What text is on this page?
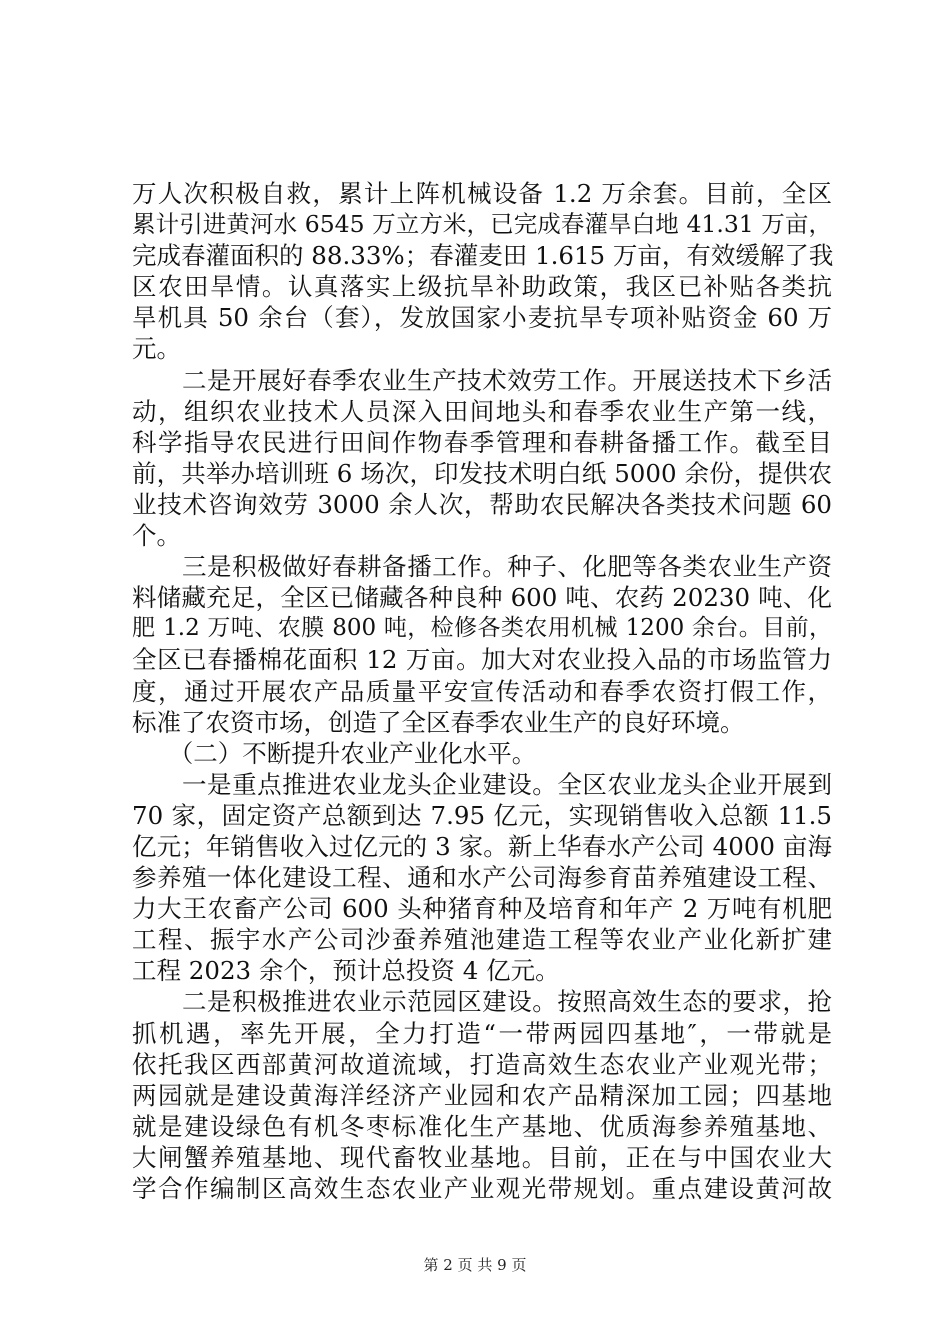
万人次积极自救，累计上阵机械设备 1.2 万余套。目前，全区
累计引进黄河水 6545 万立方米，已完成春灌旱白地 41.31 万亩，
完成春灌面积的 88.33%；春灌麦田 1.615 万亩，有效缓解了我
区农田旱情。认真落实上级抗旱补助政策，我区已补贴各类抗
旱机具 50 余台（套），发放国家小麦抗旱专项补贴资金 60 万
元。
　　二是开展好春季农业生产技术效劳工作。开展送技术下乡活
动，组织农业技术人员深入田间地头和春季农业生产第一线，
科学指导农民进行田间作物春季管理和春耕备播工作。截至目
前，共举办培训班 6 场次，印发技术明白纸 5000 余份，提供农
业技术咨询效劳 3000 余人次，帮助农民解决各类技术问题 60
个。
　　三是积极做好春耕备播工作。种子、化肥等各类农业生产资
料储藏充足，全区已储藏各种良种 600 吨、农药 20230 吨、化
肥 1.2 万吨、农膜 800 吨，检修各类农用机械 1200 余台。目前，
全区已春播棉花面积 12 万亩。加大对农业投入品的市场监管力
度，通过开展农产品质量平安宣传活动和春季农资打假工作，
标准了农资市场，创造了全区春季农业生产的良好环境。
　　（二）不断提升农业产业化水平。
　　一是重点推进农业龙头企业建设。全区农业龙头企业开展到
70 家，固定资产总额到达 7.95 亿元，实现销售收入总额 11.5
亿元；年销售收入过亿元的 3 家。新上华春水产公司 4000 亩海
参养殖一体化建设工程、通和水产公司海参育苗养殖建设工程、
力大王农畜产公司 600 头种猪育种及培育和年产 2 万吨有机肥
工程、振宇水产公司沙蚕养殖池建造工程等农业产业化新扩建
工程 2023 余个，预计总投资 4 亿元。
　　二是积极推进农业示范园区建设。按照高效生态的要求，抢
抓机遇，率先开展，全力打造“一带两园四基地″，一带就是
依托我区西部黄河故道流域，打造高效生态农业产业观光带；
两园就是建设黄海洋经济产业园和农产品精深加工园；四基地
就是建设绿色有机冬枣标准化生产基地、优质海参养殖基地、
大闸蟹养殖基地、现代畜牧业基地。目前，正在与中国农业大
学合作编制区高效生态农业产业观光带规划。重点建设黄河故
第 2 页 共 9 页
